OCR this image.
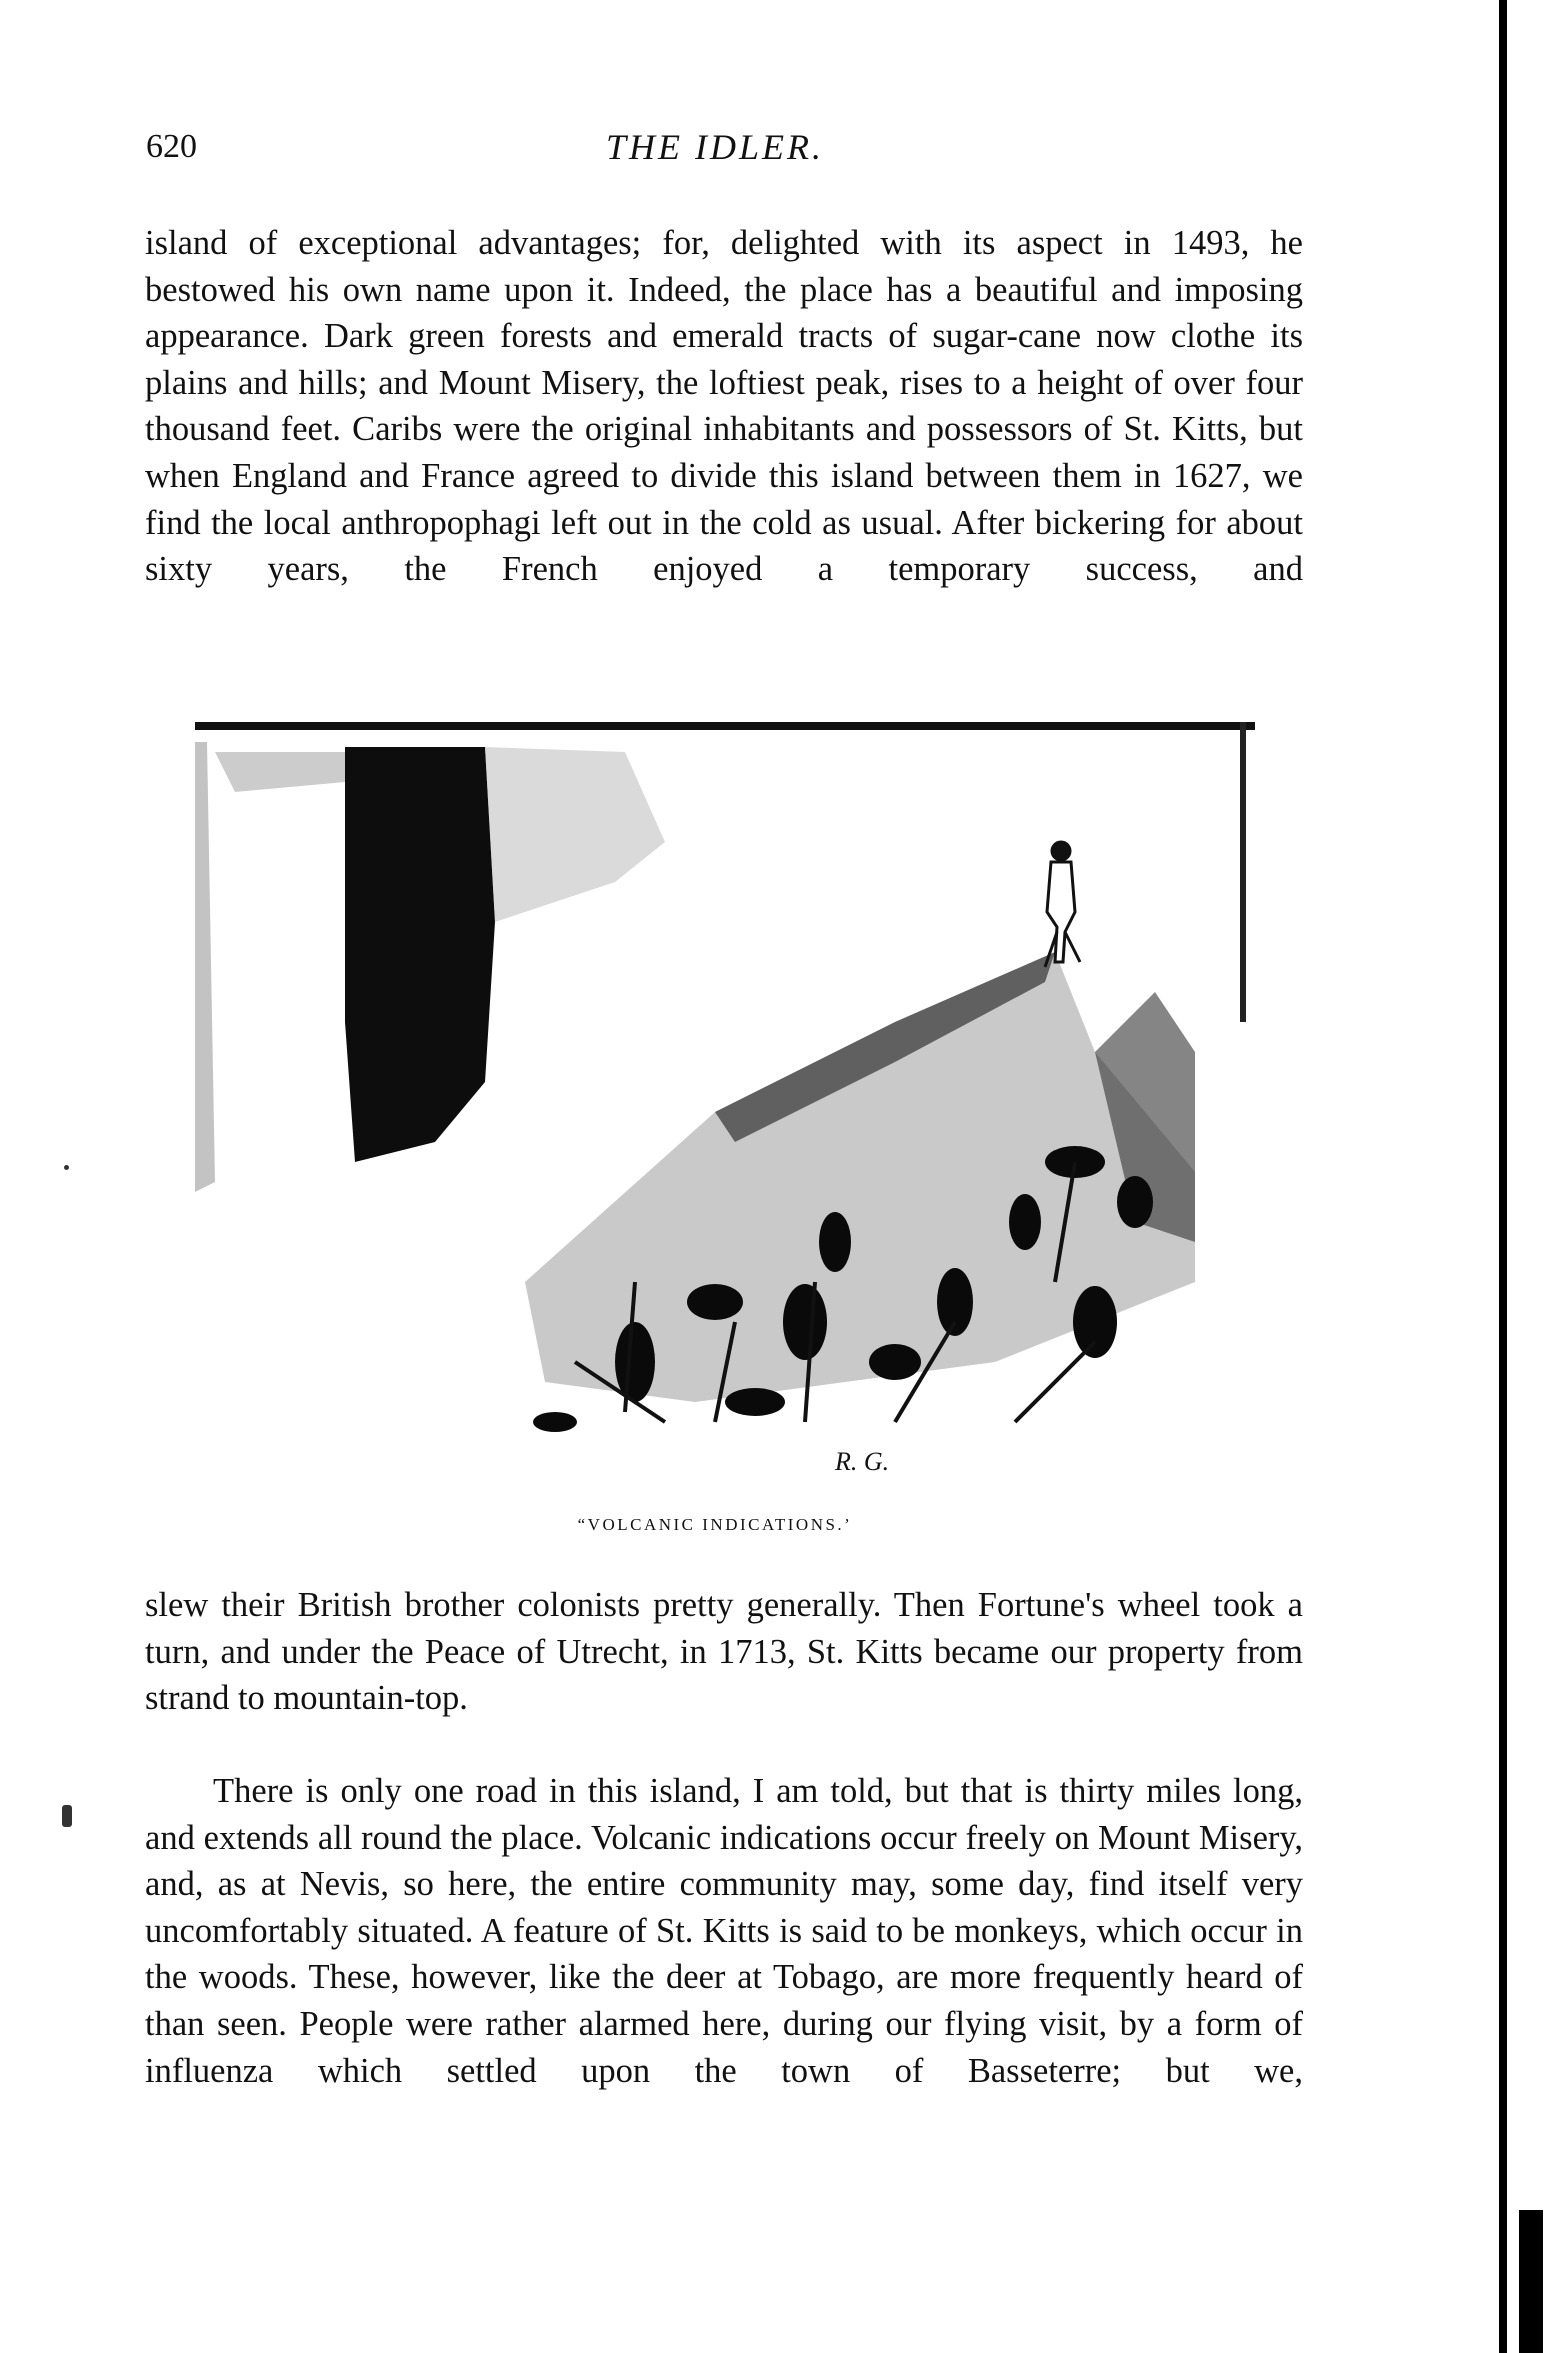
620	THE IDLER.
island of exceptional advantages; for, delighted with its aspect in 1493, he bestowed his own name upon it. Indeed, the place has a beautiful and imposing appearance. Dark green forests and emerald tracts of sugar-cane now clothe its plains and hills; and Mount Misery, the loftiest peak, rises to a height of over four thousand feet. Caribs were the original inhabitants and possessors of St. Kitts, but when England and France agreed to divide this island between them in 1627, we find the local anthropophagi left out in the cold as usual. After bickering for about sixty years, the French enjoyed a temporary success, and
R. G.
“VOLCANIC INDICATIONS.’
slew their British brother colonists pretty generally. Then Fortune's wheel took a turn, and under the Peace of Utrecht, in 1713, St. Kitts became our property from strand to mountain-top.
There is only one road in this island, I am told, but that is thirty miles long, and extends all round the place. Volcanic indications occur freely on Mount Misery, and, as at Nevis, so here, the entire community may, some day, find itself very uncomfortably situated. A feature of St. Kitts is said to be monkeys, which occur in the woods. These, however, like the deer at Tobago, are more frequently heard of than seen. People were rather alarmed here, during our flying visit, by a form of influenza which settled upon the town of Basseterre; but we,
